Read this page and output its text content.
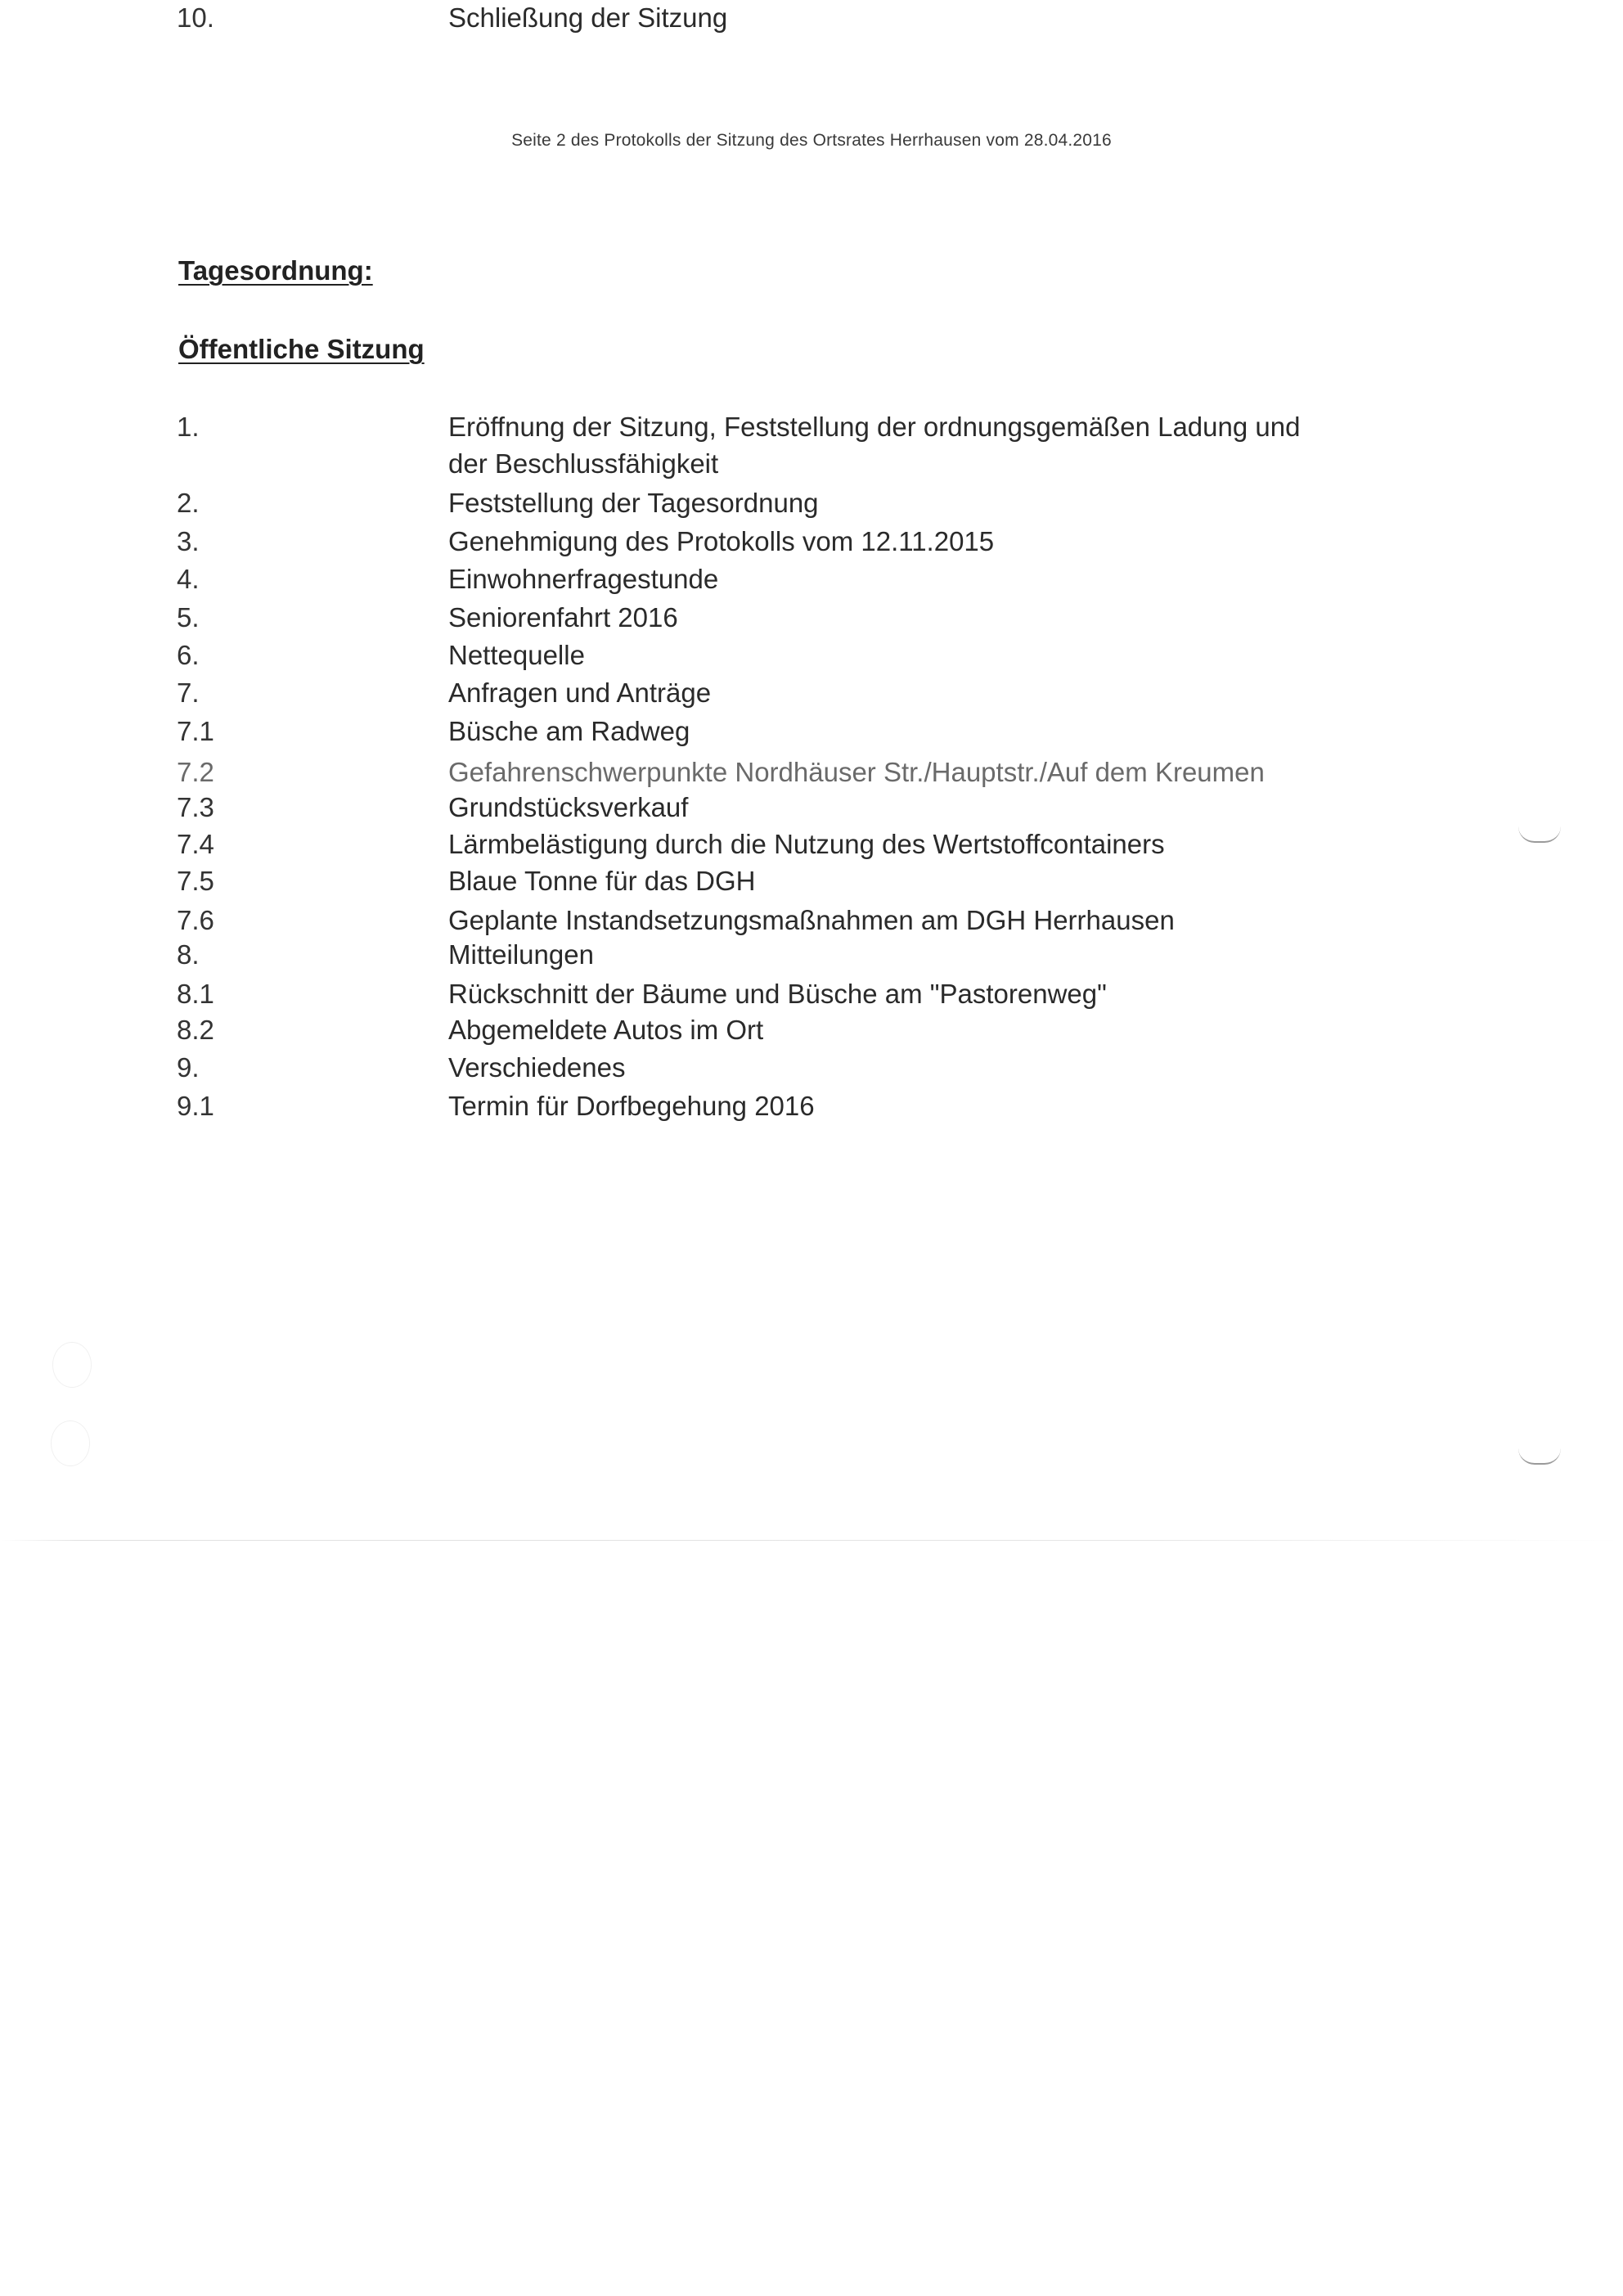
Seite 2 des Protokolls der Sitzung des Ortsrates Herrhausen vom 28.04.2016
Tagesordnung:
Öffentliche Sitzung
1.	Eröffnung der Sitzung, Feststellung der ordnungsgemäßen Ladung und
der Beschlussfähigkeit
2.	Feststellung der Tagesordnung
3.	Genehmigung des Protokolls vom 12.11.2015
4.	Einwohnerfragestunde
5.	Seniorenfahrt 2016
6.	Nettequelle
7.	Anfragen und Anträge
7.1	Büsche am Radweg
7.2	Gefahrenschwerpunkte Nordhäuser Str./Hauptstr./Auf dem Kreumen
7.3	Grundstücksverkauf
7.4	Lärmbelästigung durch die Nutzung des Wertstoffcontainers
7.5	Blaue Tonne für das DGH
7.6	Geplante Instandsetzungsmaßnahmen am DGH Herrhausen
8.	Mitteilungen
8.1	Rückschnitt der Bäume und Büsche am "Pastorenweg"
8.2	Abgemeldete Autos im Ort
9.	Verschiedenes
9.1	Termin für Dorfbegehung 2016
10.	Schließung der Sitzung
